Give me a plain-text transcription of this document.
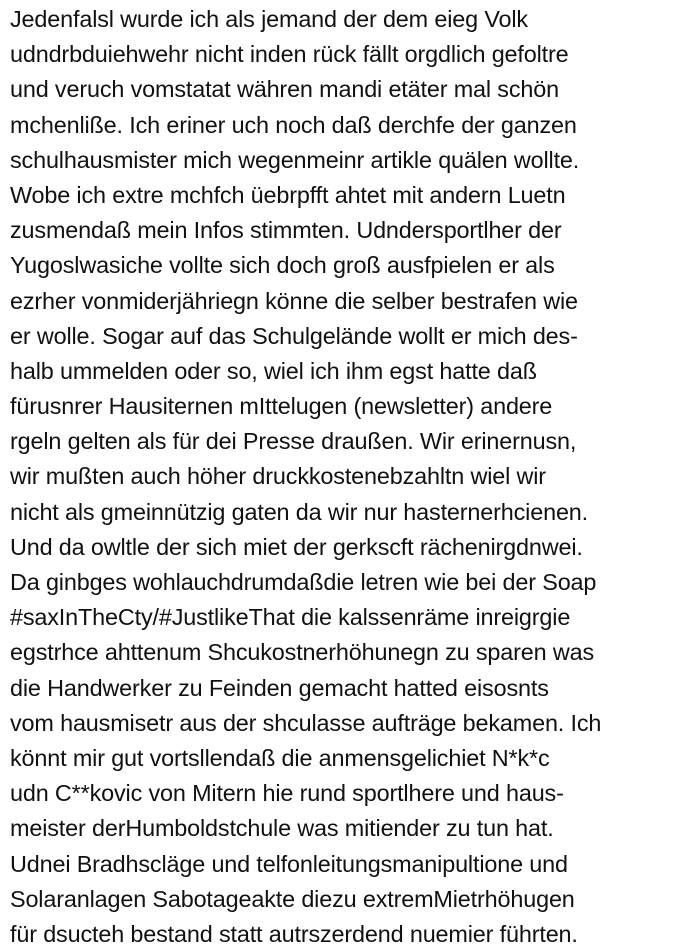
Jedenfalsl wurde ich als jemand der dem eieg Volk
udndrbduiehwehr nicht inden rück fällt orgdlich gefoltre
und veruch vomstatat währen mandi etäter mal schön
mchenliße. Ich eriner uch noch daß derchfe der ganzen
schulhausmister mich wegenmeinr artikle quälen wollte.
Wobe ich extre mchfch üebrpfft ahtet mit andern Luetn
zusmendaß mein Infos stimmten. Udndersportlher der
Yugoslwasiche vollte sich doch groß ausfpielen er als
ezrher vonmiderjähriegn könne die selber bestrafen wie
er wolle. Sogar auf das Schulgelände wollt er mich des-
halb ummelden oder so, wiel ich ihm egst hatte daß
fürusnrer Hausiternen mIttelugen (newsletter) andere
rgeln gelten als für dei Presse draußen. Wir erinernusn,
wir mußten auch höher druckkostenebzahltn wiel wir
nicht als gmeinnützig gaten da wir nur hasternerhcienen.
Und da owltle der sich miet der gerkscft rächenirgdnwei.
Da ginbges wohlauchdrumdaßdie letren wie bei der Soap
#saxInTheCty/#JustlikeThat die kalssenräme inreigrgie
egstrhce ahttenum Shcukostnerhöhunegn zu sparen was
die Handwerker zu Feinden gemacht hatted eisosnts
vom hausmisetr aus der shculasse aufträge bekamen. Ich
könnt mir gut vortsllendaß die anmensgelichiet N*k*c
udn C**kovic von Mitern hie rund sportlhere und haus-
meister derHumboldstchule was mitiender zu tun hat.
Udnei Bradhscläge und telfonleitungsmanipultione und
Solaranlagen Sabotageakte diezu extremMietrhöhugen
für dsucteh bestand statt autrszerdend nuemier führten.
